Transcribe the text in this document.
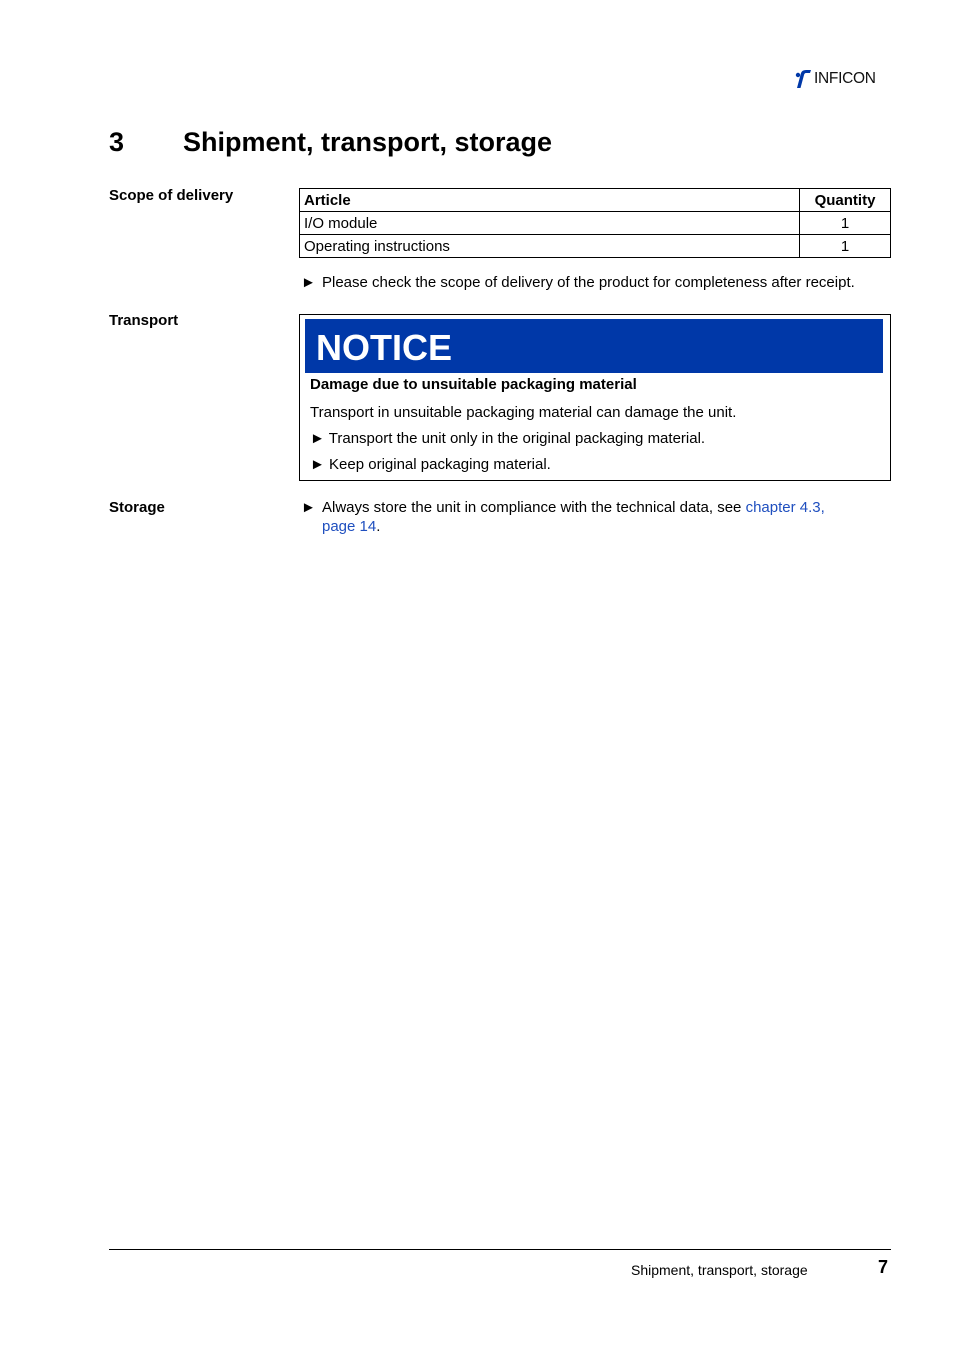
INFICON
3 Shipment, transport, storage
Scope of delivery	Article	Quantity
I/O module	1
Operating instructions	1
► Please check the scope of delivery of the product for completeness after receipt.
Transport
NOTICE
Damage due to unsuitable packaging material
Transport in unsuitable packaging material can damage the unit.
► Transport the unit only in the original packaging material.
► Keep original packaging material.
Storage	► Always store the unit in compliance with the technical data, see chapter 4.3,
page 14.
Shipment, transport, storage	7
